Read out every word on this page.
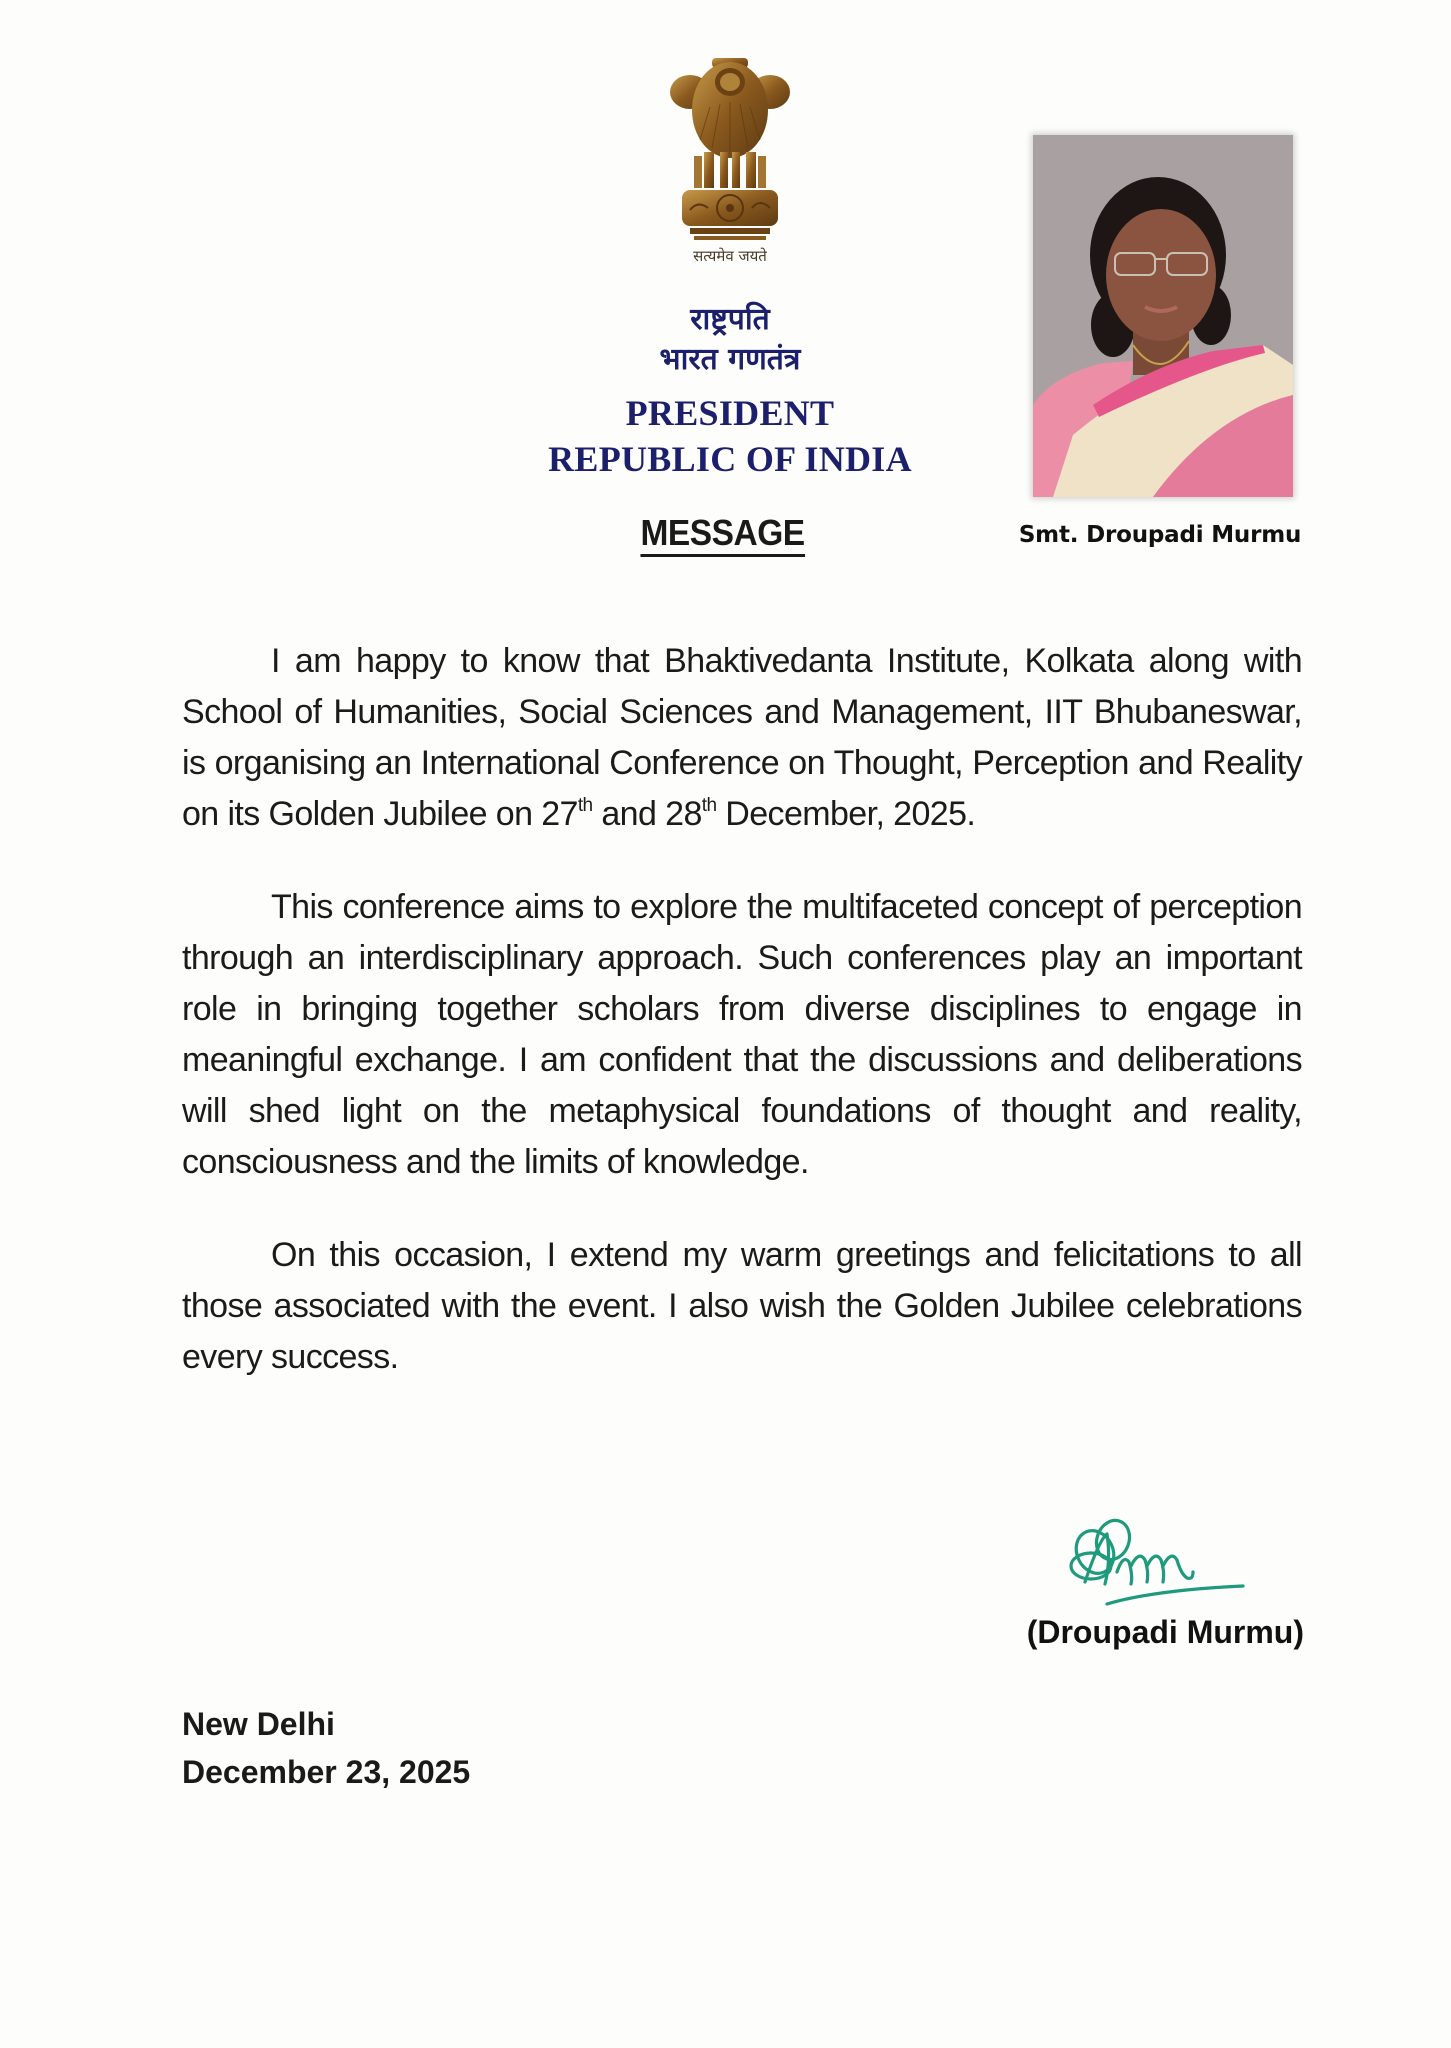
सत्यमेव जयते
राष्ट्रपति
भारत गणतंत्र
PRESIDENT
REPUBLIC OF INDIA
Smt. Droupadi Murmu
MESSAGE

I am happy to know that Bhaktivedanta Institute, Kolkata along with School of Humanities, Social Sciences and Management, IIT Bhubaneswar, is organising an International Conference on Thought, Perception and Reality on its Golden Jubilee on 27th and 28th December, 2025.

This conference aims to explore the multifaceted concept of perception through an interdisciplinary approach. Such conferences play an important role in bringing together scholars from diverse disciplines to engage in meaningful exchange. I am confident that the discussions and deliberations will shed light on the metaphysical foundations of thought and reality, consciousness and the limits of knowledge.

On this occasion, I extend my warm greetings and felicitations to all those associated with the event. I also wish the Golden Jubilee celebrations every success.

(Droupadi Murmu)
New Delhi
December 23, 2025
